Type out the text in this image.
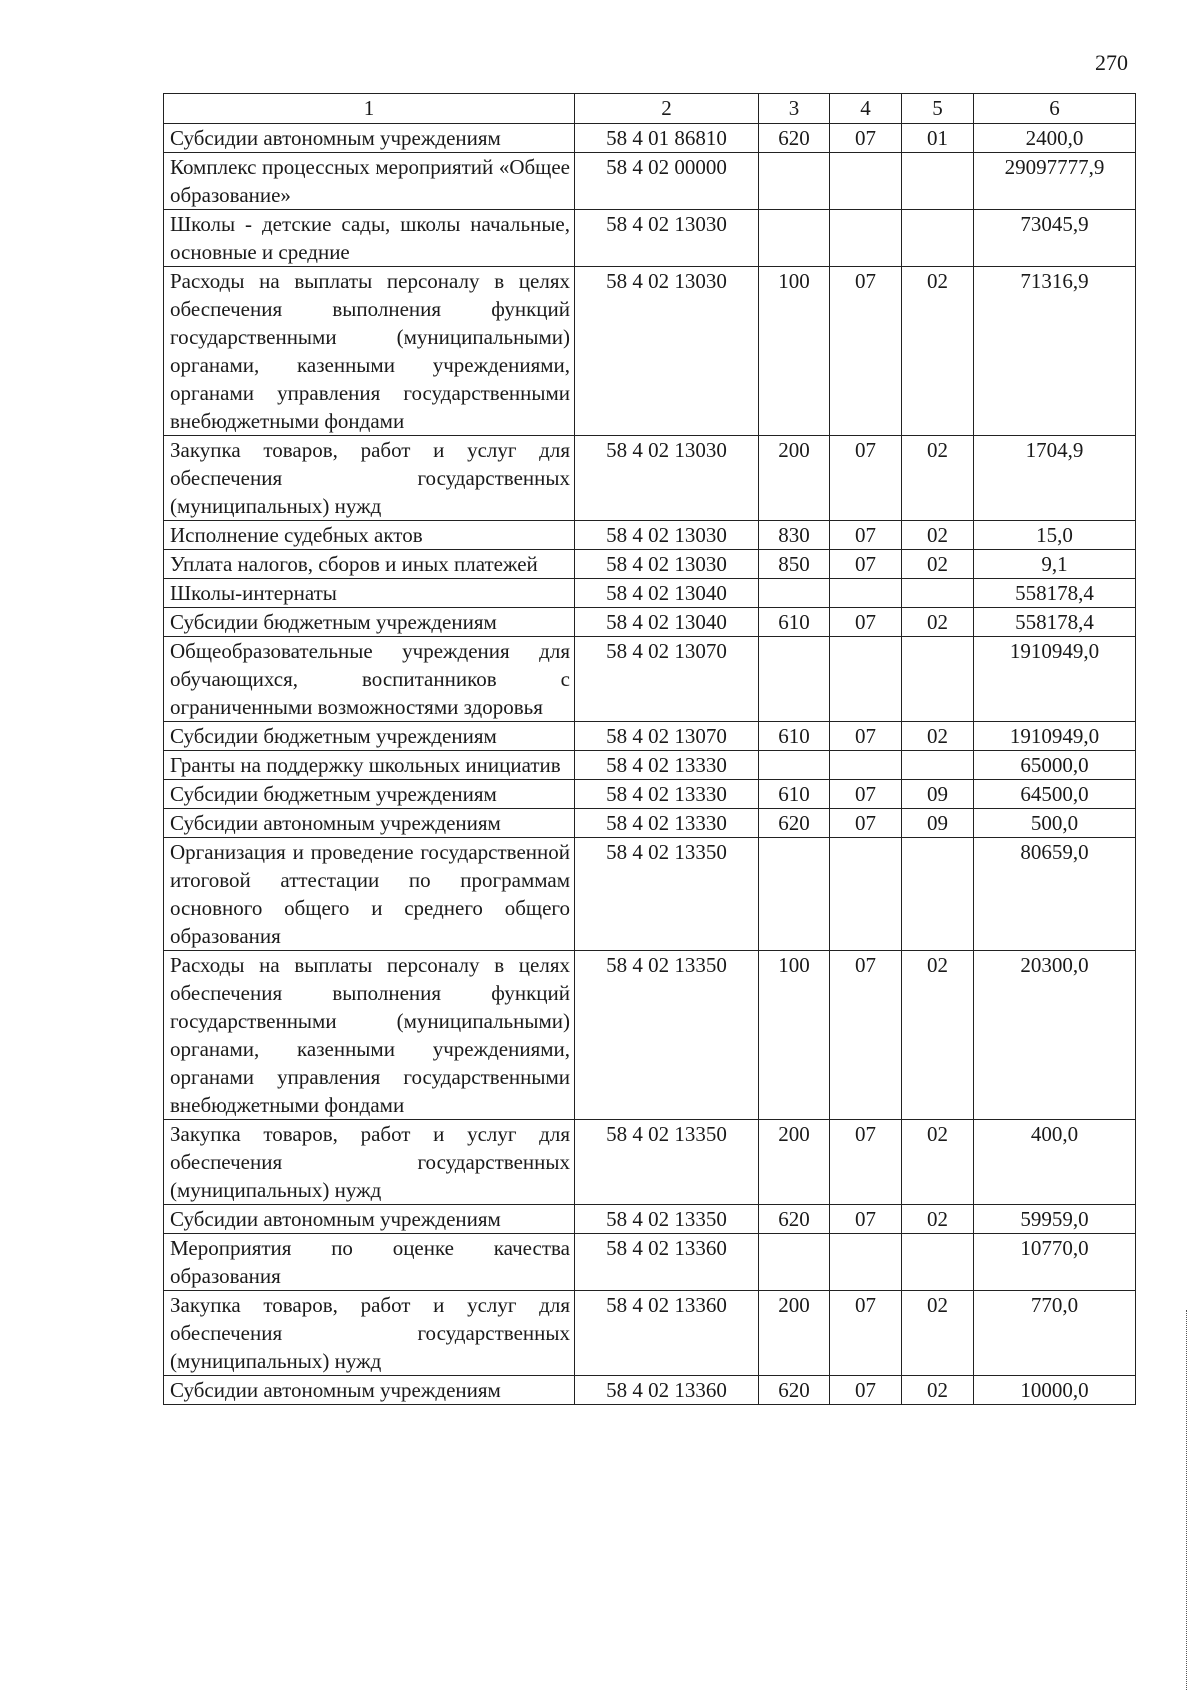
270
1	2	3	4	5	6
Субсидии автономным учреждениям	58 4 01 86810	620	07	01	2400,0
Комплекс процессных мероприятий «Общее образование»	58 4 02 00000				29097777,9
Школы - детские сады, школы начальные, основные и средние	58 4 02 13030				73045,9
Расходы на выплаты персоналу в целях обеспечения выполнения функций государственными (муниципальными) органами, казенными учреждениями, органами управления государственными внебюджетными фондами	58 4 02 13030	100	07	02	71316,9
Закупка товаров, работ и услуг для обеспечения государственных (муниципальных) нужд	58 4 02 13030	200	07	02	1704,9
Исполнение судебных актов	58 4 02 13030	830	07	02	15,0
Уплата налогов, сборов и иных платежей	58 4 02 13030	850	07	02	9,1
Школы-интернаты	58 4 02 13040				558178,4
Субсидии бюджетным учреждениям	58 4 02 13040	610	07	02	558178,4
Общеобразовательные учреждения для обучающихся, воспитанников с ограниченными возможностями здоровья	58 4 02 13070				1910949,0
Субсидии бюджетным учреждениям	58 4 02 13070	610	07	02	1910949,0
Гранты на поддержку школьных инициатив	58 4 02 13330				65000,0
Субсидии бюджетным учреждениям	58 4 02 13330	610	07	09	64500,0
Субсидии автономным учреждениям	58 4 02 13330	620	07	09	500,0
Организация и проведение государственной итоговой аттестации по программам основного общего и среднего общего образования	58 4 02 13350				80659,0
Расходы на выплаты персоналу в целях обеспечения выполнения функций государственными (муниципальными) органами, казенными учреждениями, органами управления государственными внебюджетными фондами	58 4 02 13350	100	07	02	20300,0
Закупка товаров, работ и услуг для обеспечения государственных (муниципальных) нужд	58 4 02 13350	200	07	02	400,0
Субсидии автономным учреждениям	58 4 02 13350	620	07	02	59959,0
Мероприятия по оценке качества образования	58 4 02 13360				10770,0
Закупка товаров, работ и услуг для обеспечения государственных (муниципальных) нужд	58 4 02 13360	200	07	02	770,0
Субсидии автономным учреждениям	58 4 02 13360	620	07	02	10000,0
